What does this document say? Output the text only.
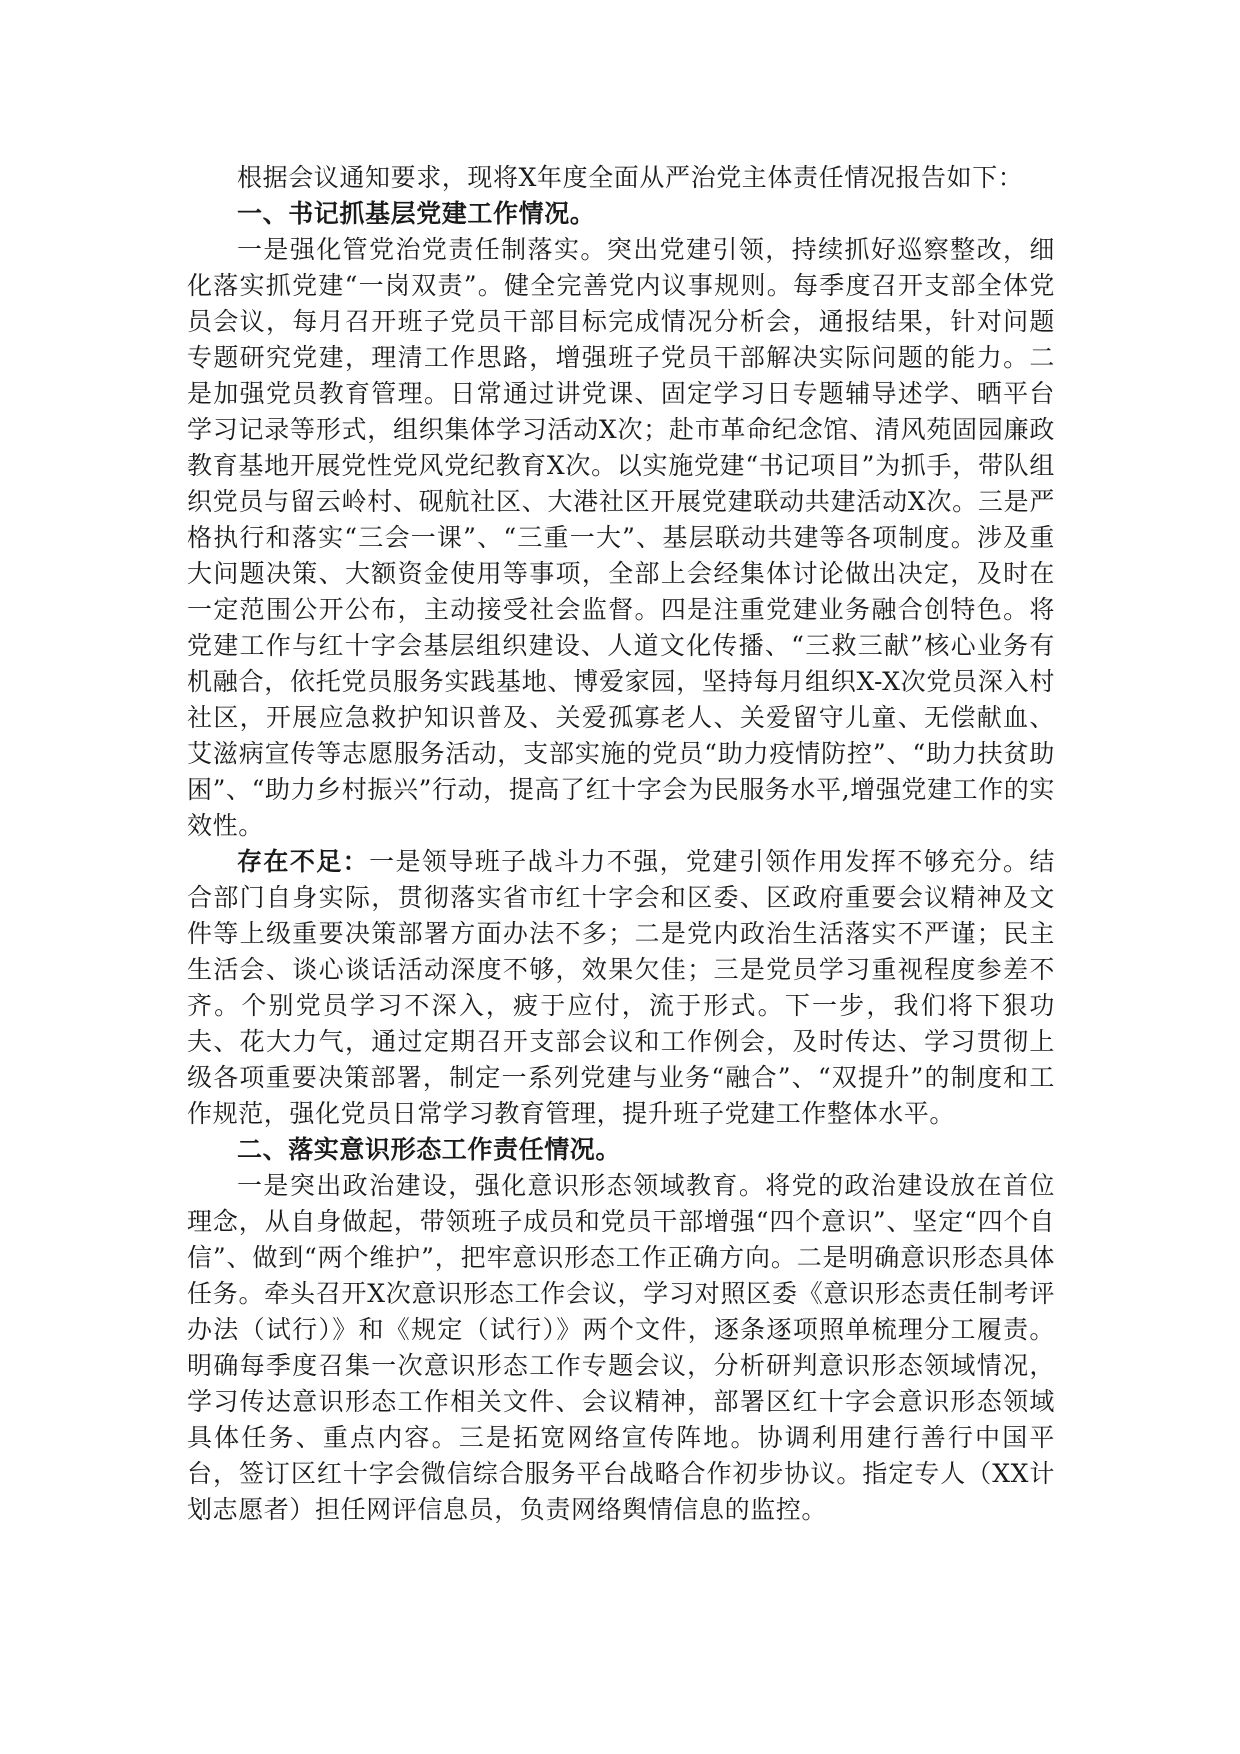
根据会议通知要求，现将X年度全面从严治党主体责任情况报告如下：

一、书记抓基层党建工作情况。

一是强化管党治党责任制落实。突出党建引领，持续抓好巡察整改，细化落实抓党建“一岗双责”。健全完善党内议事规则。每季度召开支部全体党员会议，每月召开班子党员干部目标完成情况分析会，通报结果，针对问题专题研究党建，理清工作思路，增强班子党员干部解决实际问题的能力。二是加强党员教育管理。日常通过讲党课、固定学习日专题辅导述学、晒平台学习记录等形式，组织集体学习活动X次；赴市革命纪念馆、清风苑固园廉政教育基地开展党性党风党纪教育X次。以实施党建“书记项目”为抓手，带队组织党员与留云岭村、砚航社区、大港社区开展党建联动共建活动X次。三是严格执行和落实“三会一课”、“三重一大”、基层联动共建等各项制度。涉及重大问题决策、大额资金使用等事项，全部上会经集体讨论做出决定，及时在一定范围公开公布，主动接受社会监督。四是注重党建业务融合创特色。将党建工作与红十字会基层组织建设、人道文化传播、“三救三献”核心业务有机融合，依托党员服务实践基地、博爱家园，坚持每月组织X-X次党员深入村社区，开展应急救护知识普及、关爱孤寡老人、关爱留守儿童、无偿献血、艾滋病宣传等志愿服务活动，支部实施的党员“助力疫情防控”、“助力扶贫助困”、“助力乡村振兴”行动，提高了红十字会为民服务水平,增强党建工作的实效性。

存在不足：一是领导班子战斗力不强，党建引领作用发挥不够充分。结合部门自身实际，贯彻落实省市红十字会和区委、区政府重要会议精神及文件等上级重要决策部署方面办法不多；二是党内政治生活落实不严谨；民主生活会、谈心谈话活动深度不够，效果欠佳；三是党员学习重视程度参差不齐。个别党员学习不深入，疲于应付，流于形式。下一步，我们将下狠功夫、花大力气，通过定期召开支部会议和工作例会，及时传达、学习贯彻上级各项重要决策部署，制定一系列党建与业务“融合”、“双提升”的制度和工作规范，强化党员日常学习教育管理，提升班子党建工作整体水平。

二、落实意识形态工作责任情况。

一是突出政治建设，强化意识形态领域教育。将党的政治建设放在首位理念，从自身做起，带领班子成员和党员干部增强“四个意识”、坚定“四个自信”、做到“两个维护”，把牢意识形态工作正确方向。二是明确意识形态具体任务。牵头召开X次意识形态工作会议，学习对照区委《意识形态责任制考评办法（试行）》和《规定（试行）》两个文件，逐条逐项照单梳理分工履责。明确每季度召集一次意识形态工作专题会议，分析研判意识形态领域情况，学习传达意识形态工作相关文件、会议精神，部署区红十字会意识形态领域具体任务、重点内容。三是拓宽网络宣传阵地。协调利用建行善行中国平台，签订区红十字会微信综合服务平台战略合作初步协议。指定专人（XX计划志愿者）担任网评信息员，负责网络舆情信息的监控。
